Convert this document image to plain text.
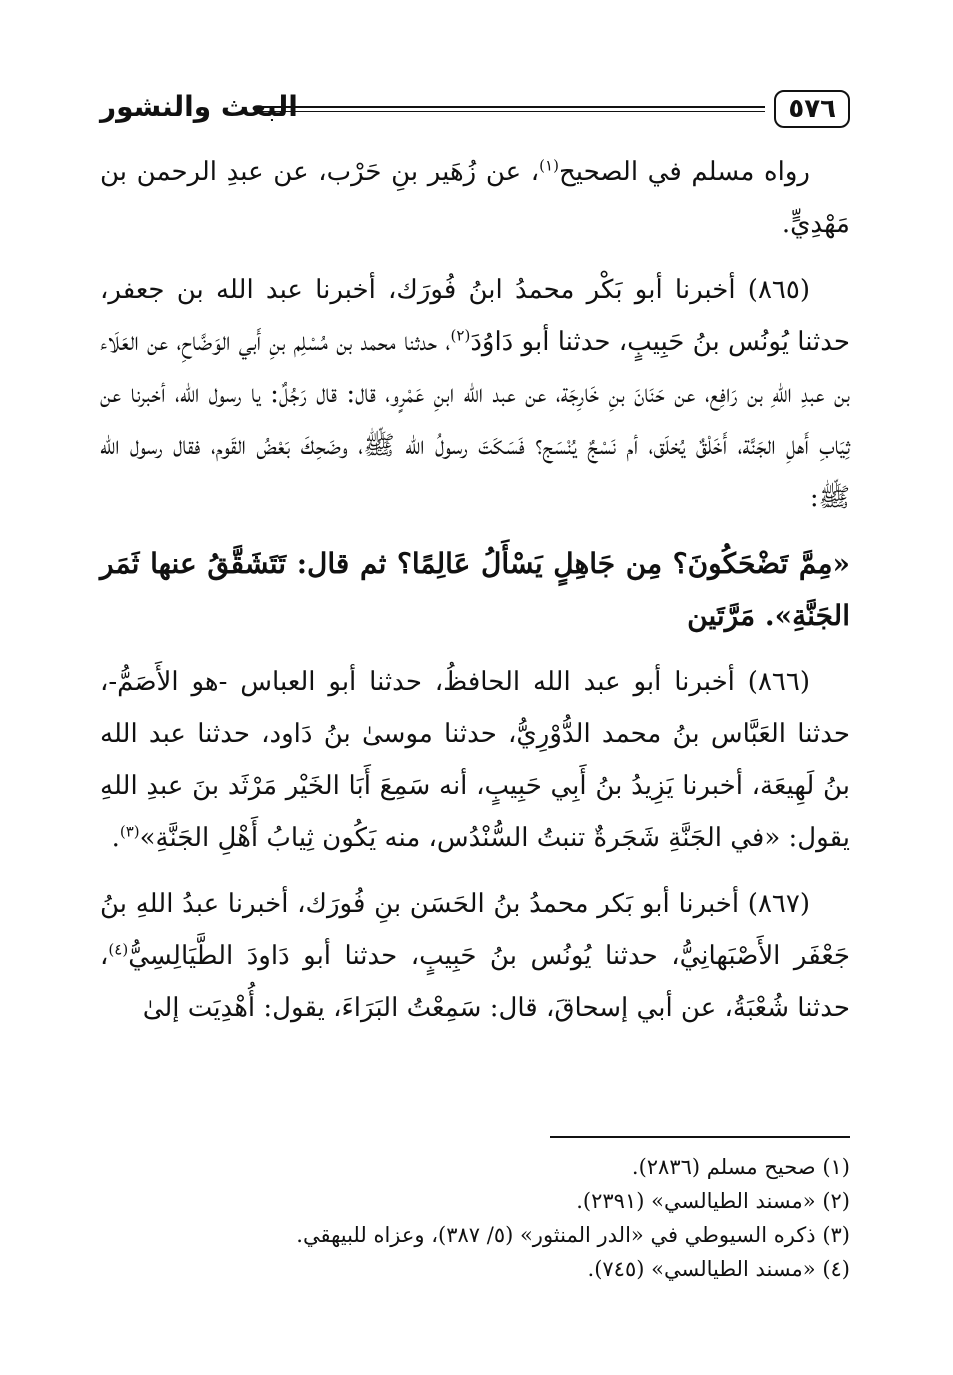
٥٧٦
البعث والنشور

رواه مسلم في الصحيح$^{(١)}$، عن زُهَير بنِ حَرْب، عن عبدِ الرحمن بن مَهْدِيٍّ.

(٨٦٥) أخبرنا أبو بَكْر محمدُ ابنُ فُورَك، أخبرنا عبد الله بن جعفر، حدثنا يُونُس بنُ حَبِيبٍ، حدثنا أبو دَاوُدَ$^{(٢)}$، حدثنا محمد بن مُسْلِم بنِ أَبي الوَضَّاحِ، عن العَلَاء بن عبدِ اللهِ بن رَافِع، عن حَنَانَ بنِ خَارِجَة، عن عبد الله ابنِ عَمْرٍو، قال: قال رَجُلٌ: يا رسول الله، أخبرنا عن ثِيَابِ أَهلِ الجَنَّة، أَخَلْقٌ يُخلَق، أم نَسْجٌ يُنْسَج؟ فَسَكَتَ رسولُ الله ﷺ، وضَحِكَ بَعْضُ القَوم، فقال رسول الله ﷺ:

«مِمَّ تَضْحَكُونَ؟ مِن جَاهِلٍ يَسْأَلُ عَالِمًا؟ ثم قال: تَتَشَقَّقُ عنها ثَمَر الجَنَّةِ». مَرَّتَين

(٨٦٦) أخبرنا أبو عبد الله الحافظُ، حدثنا أبو العباس -هو الأَصَمُّ-، حدثنا العَبَّاس بنُ محمد الدُّوْرِيُّ، حدثنا موسىٰ بنُ دَاود، حدثنا عبد الله بنُ لَهِيعَة، أخبرنا يَزِيدُ بنُ أَبِي حَبِيبٍ، أنه سَمِعَ أَبَا الخَيْر مَرْثَد بنَ عبدِ اللهِ يقول: «في الجَنَّةِ شَجَرةٌ تنبتُ السُّنْدُس، منه يَكُون ثِيابُ أَهْلِ الجَنَّةِ»$^{(٣)}$.

(٨٦٧) أخبرنا أبو بَكر محمدُ بنُ الحَسَن بنِ فُورَك، أخبرنا عبدُ اللهِ بنُ جَعْفَر الأَصْبَهانِيُّ، حدثنا يُونُس بنُ حَبِيبٍ، حدثنا أبو دَاودَ الطَّيَالِسِيُّ$^{(٤)}$، حدثنا شُعْبَةُ، عن أبي إسحاقَ، قال: سَمِعْتُ البَرَاءَ، يقول: أُهْدِيَت إلىٰ

(١) صحيح مسلم (٢٨٣٦).

(٢) «مسند الطيالسي» (٢٣٩١).

(٣) ذكره السيوطي في «الدر المنثور» (٥/ ٣٨٧)، وعزاه للبيهقي.

(٤) «مسند الطيالسي» (٧٤٥).
